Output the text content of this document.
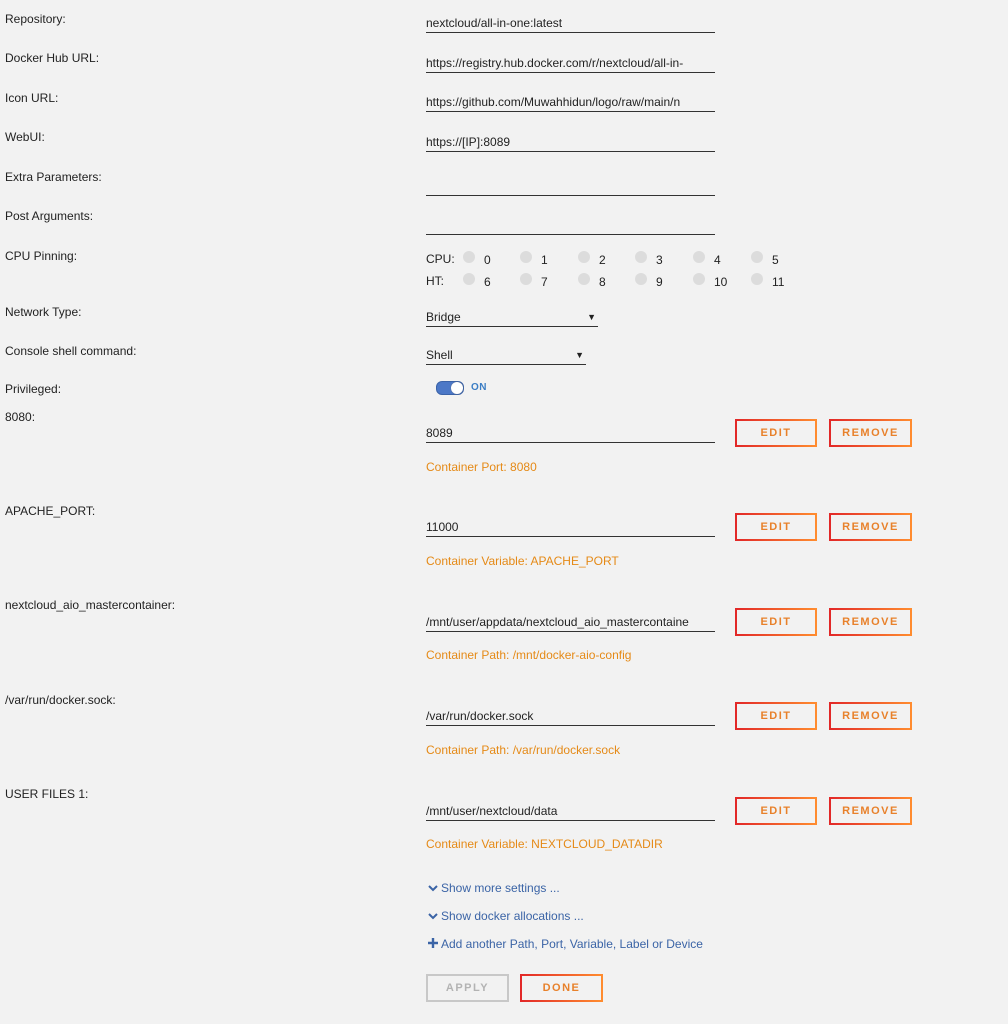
Repository:	nextcloud/all-in-one:latest
Docker Hub URL:	https://registry.hub.docker.com/r/nextcloud/all-in-
Icon URL:	https://github.com/Muwahhidun/logo/raw/main/n
WebUI:	https://[IP]:8089
Extra Parameters:
Post Arguments:
CPU Pinning:	CPU: 0	1	2	3	4	5
HT:	6	7	8	9	10	11
Network Type:	Bridge	▼
Console shell command:	Shell	▼
Privileged:	ON
8080:
8089	EDIT	REMOVE
Container Port: 8080
APACHE_PORT:
11000	EDIT	REMOVE
Container Variable: APACHE_PORT
nextcloud_aio_mastercontainer:
/mnt/user/appdata/nextcloud_aio_mastercontaine	EDIT	REMOVE
Container Path: /mnt/docker-aio-config
/var/run/docker.sock:
/var/run/docker.sock	EDIT	REMOVE
Container Path: /var/run/docker.sock
USER FILES 1:
/mnt/user/nextcloud/data	EDIT	REMOVE
Container Variable: NEXTCLOUD_DATADIR
Show more settings ...
Show docker allocations ...
Add another Path, Port, Variable, Label or Device
APPLY	DONE
